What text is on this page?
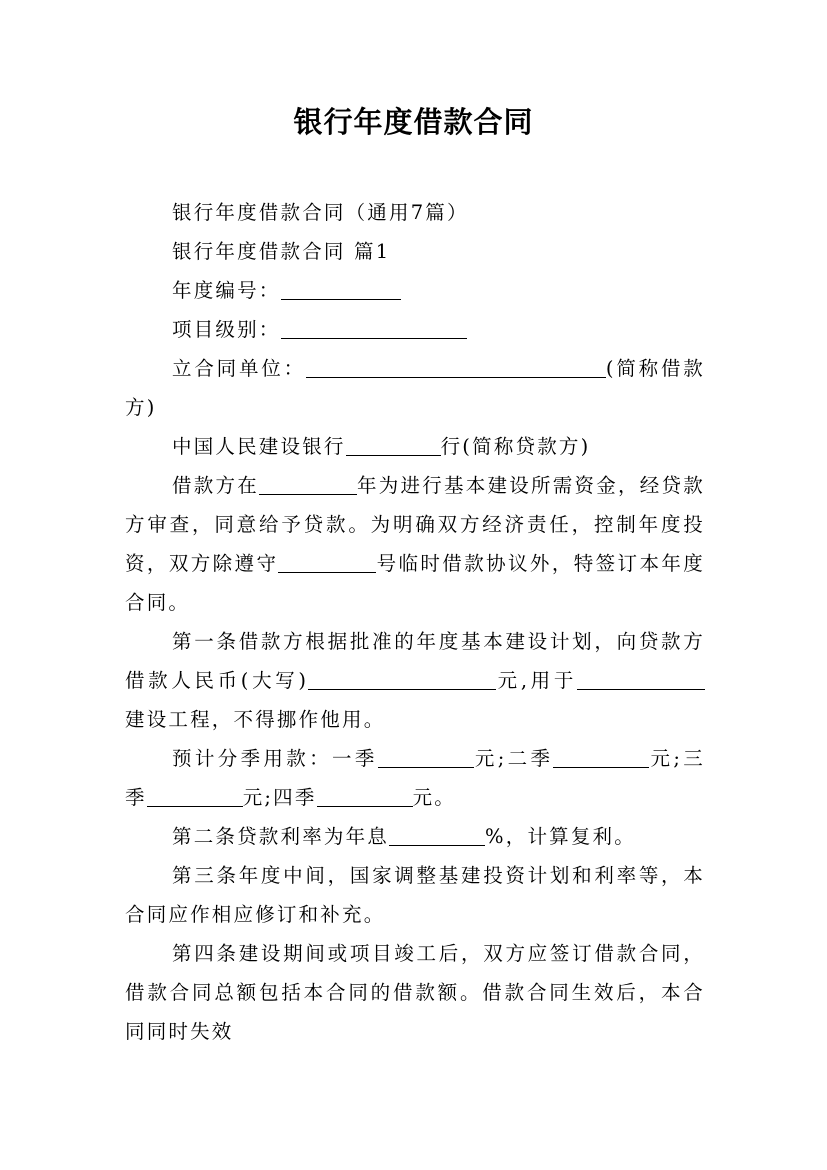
银行年度借款合同

银行年度借款合同（通用7篇）

银行年度借款合同 篇1

年度编号：

项目级别：

立合同单位：	(简称借款方)

中国人民建设银行	行(简称贷款方)

借款方在	年为进行基本建设所需资金，经贷款方审查，同意给予贷款。为明确双方经济责任，控制年度投资，双方除遵守	号临时借款协议外，特签订本年度合同。

第一条借款方根据批准的年度基本建设计划，向贷款方借款人民币(大写)	元,用于建设工程，不得挪作他用。

预计分季用款：一季	元;二季	元;三季	元;四季	元。

第二条贷款利率为年息	%，计算复利。

第三条年度中间，国家调整基建投资计划和利率等，本合同应作相应修订和补充。

第四条建设期间或项目竣工后，双方应签订借款合同，借款合同总额包括本合同的借款额。借款合同生效后，本合同同时失效
